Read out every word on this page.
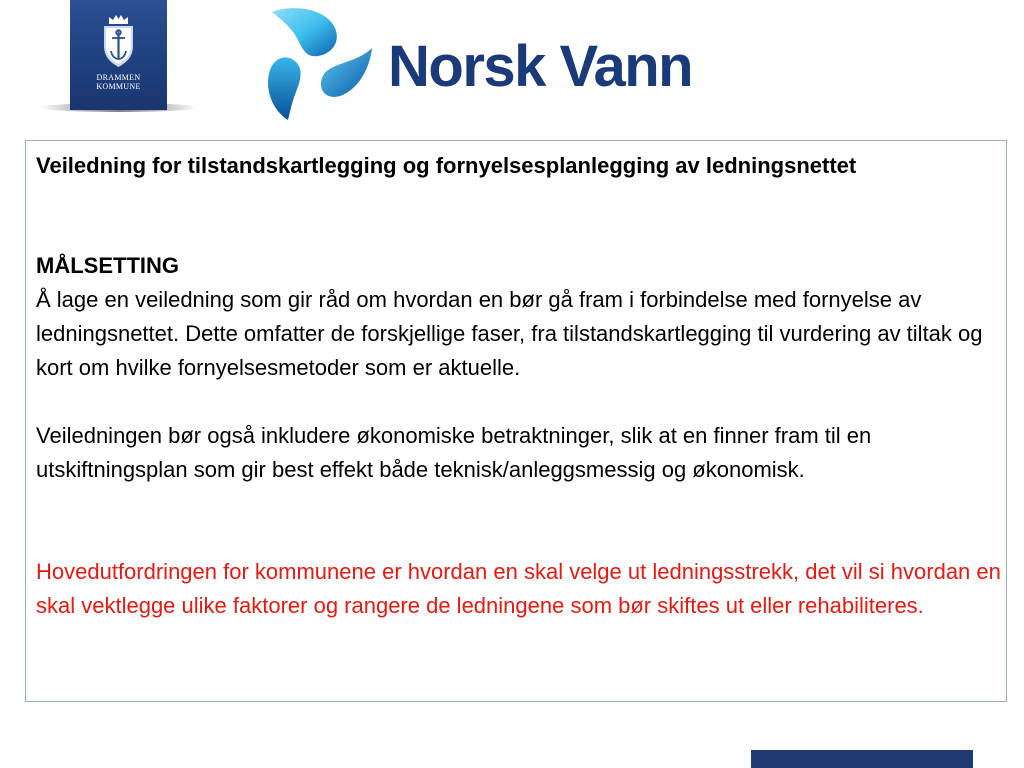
DRAMMEN
KOMMUNE	Norsk Vann

Veiledning for tilstandskartlegging og fornyelsesplanlegging av ledningsnettet

MÅLSETTING

Å lage en veiledning som gir råd om hvordan en bør gå fram i forbindelse med fornyelse av ledningsnettet. Dette omfatter de forskjellige faser, fra tilstandskartlegging til vurdering av tiltak og kort om hvilke fornyelsesmetoder som er aktuelle.

Veiledningen bør også inkludere økonomiske betraktninger, slik at en finner fram til en utskiftningsplan som gir best effekt både teknisk/anleggsmessig og økonomisk.

Hovedutfordringen for kommunene er hvordan en skal velge ut ledningsstrekk, det vil si hvordan en skal vektlegge ulike faktorer og rangere de ledningene som bør skiftes ut eller rehabiliteres.
